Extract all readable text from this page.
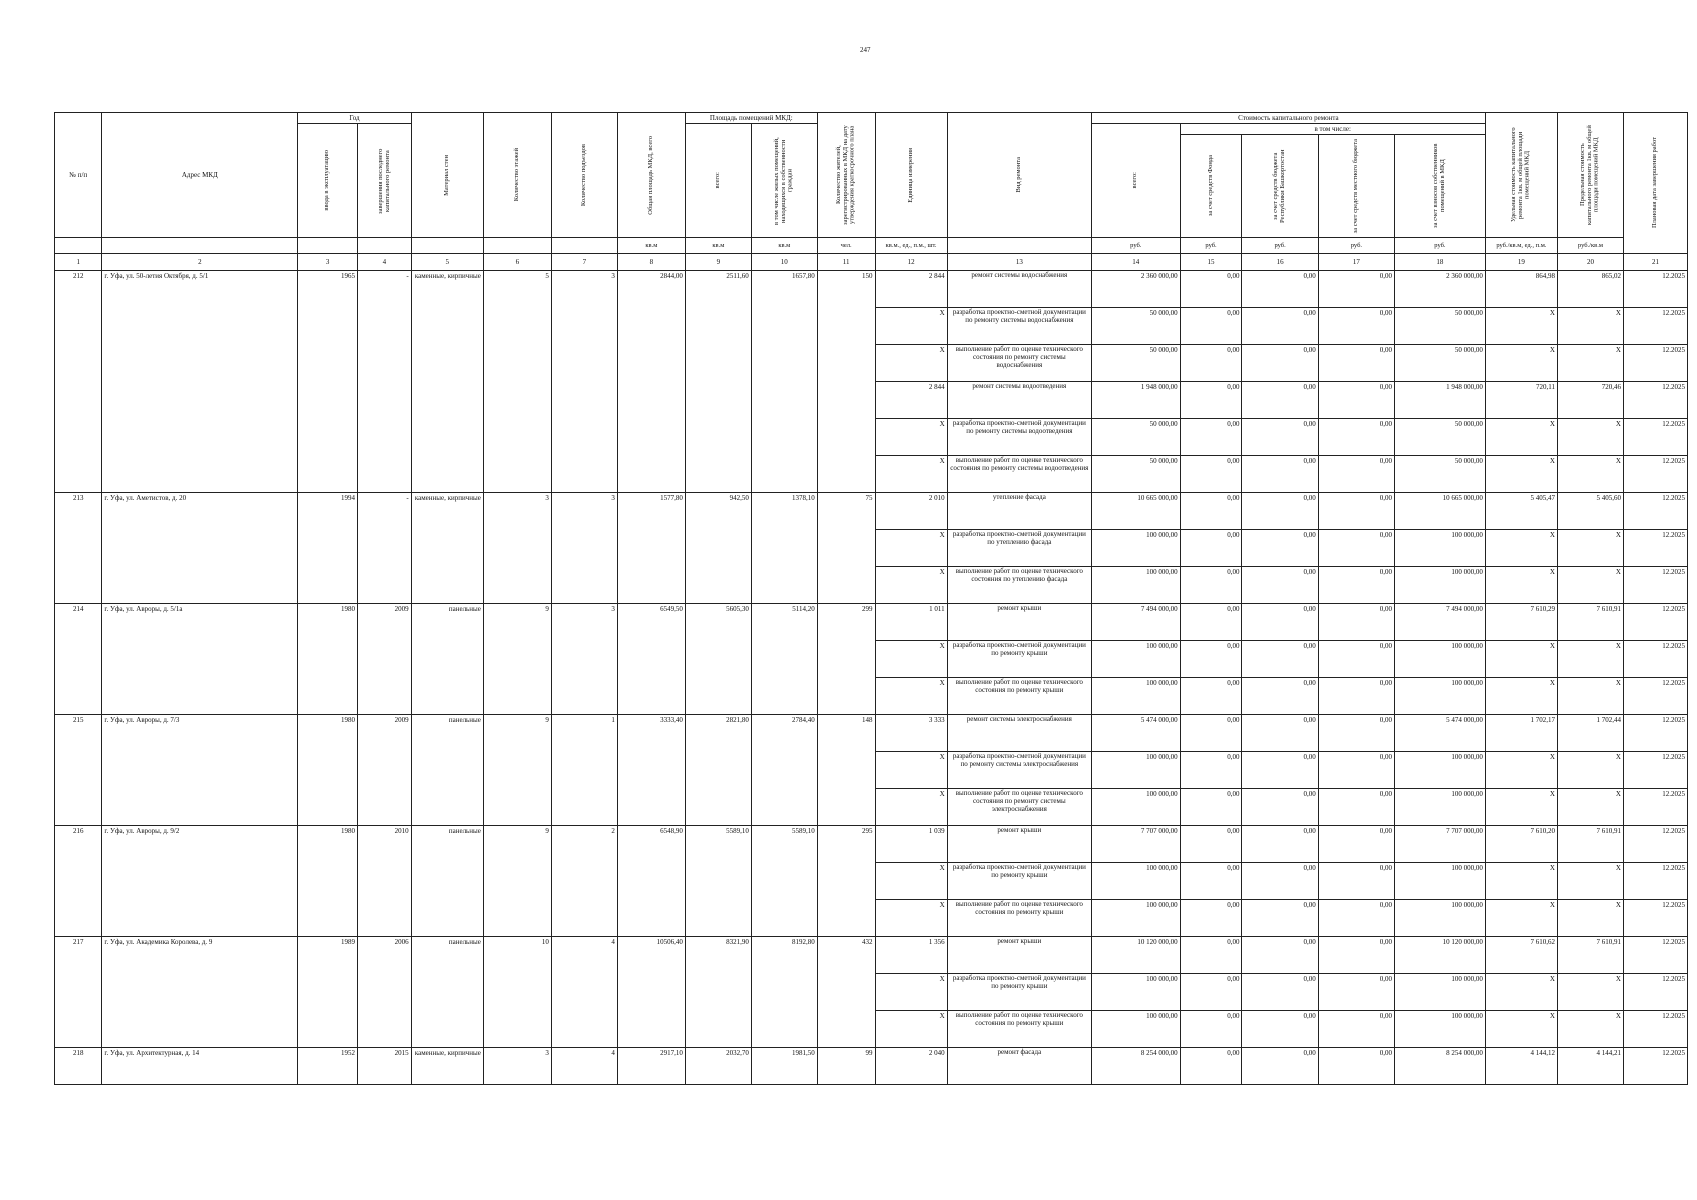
247
№ п/п	Адрес МКД	Год		Материал стен	Количество этажей	Количество подъездов	Общая площадь МКД, всего	Площадь помещений МКД:		Количество жителей, зарегистрированных в МКД на дату утверждения краткосрочного плана	Единица измерения	Вид ремонта	Стоимость капитального ремонта					Удельная стоимость капитального ремонта 1кв. м общей площади помещений МКД	Предельная стоимость капитального ремонта 1кв. м общей площади помещений МКД	Плановая дата завершения работ

		ввода в эксплуатацию	завершения последнего капитального ремонта					всего:	в том числе жилых помещений, находящихся в собственности граждан				всего:	в том числе:						

														за счет средств Фонда	за счет средств бюджета Республики Башкортостан	за счет средств местного бюджета	за счет взносов собственников помещений в МКД			

							кв.м	кв.м	кв.м	чел.	кв.м., ед., п.м., шт.		руб.	руб.	руб.	руб.	руб.	руб./кв.м, ед., п.м.	руб./кв.м	
1	2	3	4	5	6	7	8	9	10	11	12	13	14	15	16	17	18	19	20	21
212	г. Уфа, ул. 50-летия Октября, д. 5/1	1965	-	каменные, кирпичные	5	3	2844,00	2511,60	1657,80	150	2 844	ремонт системы водоснабжения	2 360 000,00	0,00	0,00	0,00	2 360 000,00	864,98	865,02	12.2025
											X	разработка проектно-сметной документации по ремонту системы водоснабжения	50 000,00	0,00	0,00	0,00	50 000,00	X	X	12.2025
											X	выполнение работ по оценке технического состояния по ремонту системы водоснабжения	50 000,00	0,00	0,00	0,00	50 000,00	X	X	12.2025
											2 844	ремонт системы водоотведения	1 948 000,00	0,00	0,00	0,00	1 948 000,00	720,11	720,46	12.2025
											X	разработка проектно-сметной документации по ремонту системы водоотведения	50 000,00	0,00	0,00	0,00	50 000,00	X	X	12.2025
											X	выполнение работ по оценке технического состояния по ремонту системы водоотведения	50 000,00	0,00	0,00	0,00	50 000,00	X	X	12.2025
213	г. Уфа, ул. Аметистов, д. 20	1994	-	каменные, кирпичные	3	3	1577,80	942,50	1378,10	75	2 010	утепление фасада	10 665 000,00	0,00	0,00	0,00	10 665 000,00	5 405,47	5 405,60	12.2025
											X	разработка проектно-сметной документации по утеплению фасада	100 000,00	0,00	0,00	0,00	100 000,00	X	X	12.2025
											X	выполнение работ по оценке технического состояния по утеплению фасада	100 000,00	0,00	0,00	0,00	100 000,00	X	X	12.2025
214	г. Уфа, ул. Авроры, д. 5/1а	1980	2009	панельные	9	3	6549,50	5605,30	5114,20	299	1 011	ремонт крыши	7 494 000,00	0,00	0,00	0,00	7 494 000,00	7 610,29	7 610,91	12.2025
											X	разработка проектно-сметной документации по ремонту крыши	100 000,00	0,00	0,00	0,00	100 000,00	X	X	12.2025
											X	выполнение работ по оценке технического состояния по ремонту крыши	100 000,00	0,00	0,00	0,00	100 000,00	X	X	12.2025
215	г. Уфа, ул. Авроры, д. 7/3	1980	2009	панельные	9	1	3333,40	2821,80	2784,40	148	3 333	ремонт системы электроснабжения	5 474 000,00	0,00	0,00	0,00	5 474 000,00	1 702,17	1 702,44	12.2025
											X	разработка проектно-сметной документации по ремонту системы электроснабжения	100 000,00	0,00	0,00	0,00	100 000,00	X	X	12.2025
											X	выполнение работ по оценке технического состояния по ремонту системы электроснабжения	100 000,00	0,00	0,00	0,00	100 000,00	X	X	12.2025
216	г. Уфа, ул. Авроры, д. 9/2	1980	2010	панельные	9	2	6548,90	5589,10	5589,10	295	1 039	ремонт крыши	7 707 000,00	0,00	0,00	0,00	7 707 000,00	7 610,20	7 610,91	12.2025
											X	разработка проектно-сметной документации по ремонту крыши	100 000,00	0,00	0,00	0,00	100 000,00	X	X	12.2025
											X	выполнение работ по оценке технического состояния по ремонту крыши	100 000,00	0,00	0,00	0,00	100 000,00	X	X	12.2025
217	г. Уфа, ул. Академика Королева, д. 9	1989	2006	панельные	10	4	10506,40	8321,90	8192,80	432	1 356	ремонт крыши	10 120 000,00	0,00	0,00	0,00	10 120 000,00	7 610,62	7 610,91	12.2025
											X	разработка проектно-сметной документации по ремонту крыши	100 000,00	0,00	0,00	0,00	100 000,00	X	X	12.2025
											X	выполнение работ по оценке технического состояния по ремонту крыши	100 000,00	0,00	0,00	0,00	100 000,00	X	X	12.2025
218	г. Уфа, ул. Архитектурная, д. 14	1952	2015	каменные, кирпичные	3	4	2917,10	2032,70	1981,50	99	2 040	ремонт фасада	8 254 000,00	0,00	0,00	0,00	8 254 000,00	4 144,12	4 144,21	12.2025
